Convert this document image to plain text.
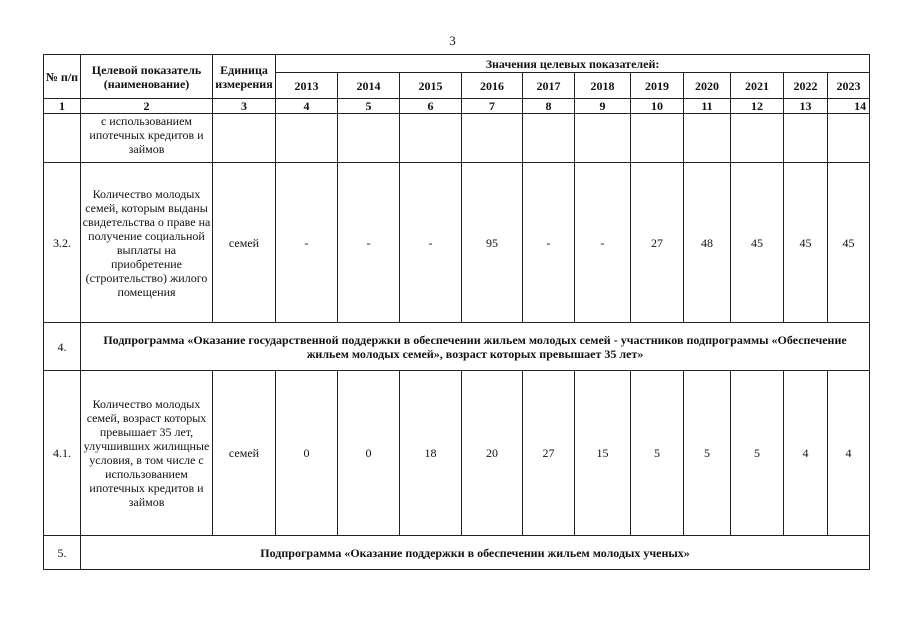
3
№ п/п	Целевой показатель (наименование)	Единица измерения	Значения целевых показателей:										
			2013	2014	2015	2016	2017	2018	2019	2020	2021	2022	2023
1	2	3	4	5	6	7	8	9	10	11	12	13	14
	с использованием ипотечных кредитов и займов												
3.2.	Количество молодых семей, которым выданы свидетельства о праве на получение социальной выплаты на приобретение (строительство) жилого помещения	семей	-	-	-	95	-	-	27	48	45	45	45
4.	Подпрограмма «Оказание государственной поддержки в обеспечении жильем молодых семей - участников подпрограммы «Обеспечение жильем молодых семей», возраст которых превышает 35 лет»												
4.1.	Количество молодых семей, возраст которых превышает 35 лет, улучшивших жилищные условия, в том числе с использованием ипотечных кредитов и займов	семей	0	0	18	20	27	15	5	5	5	4	4
5.	Подпрограмма «Оказание поддержки в обеспечении жильем молодых ученых»												
